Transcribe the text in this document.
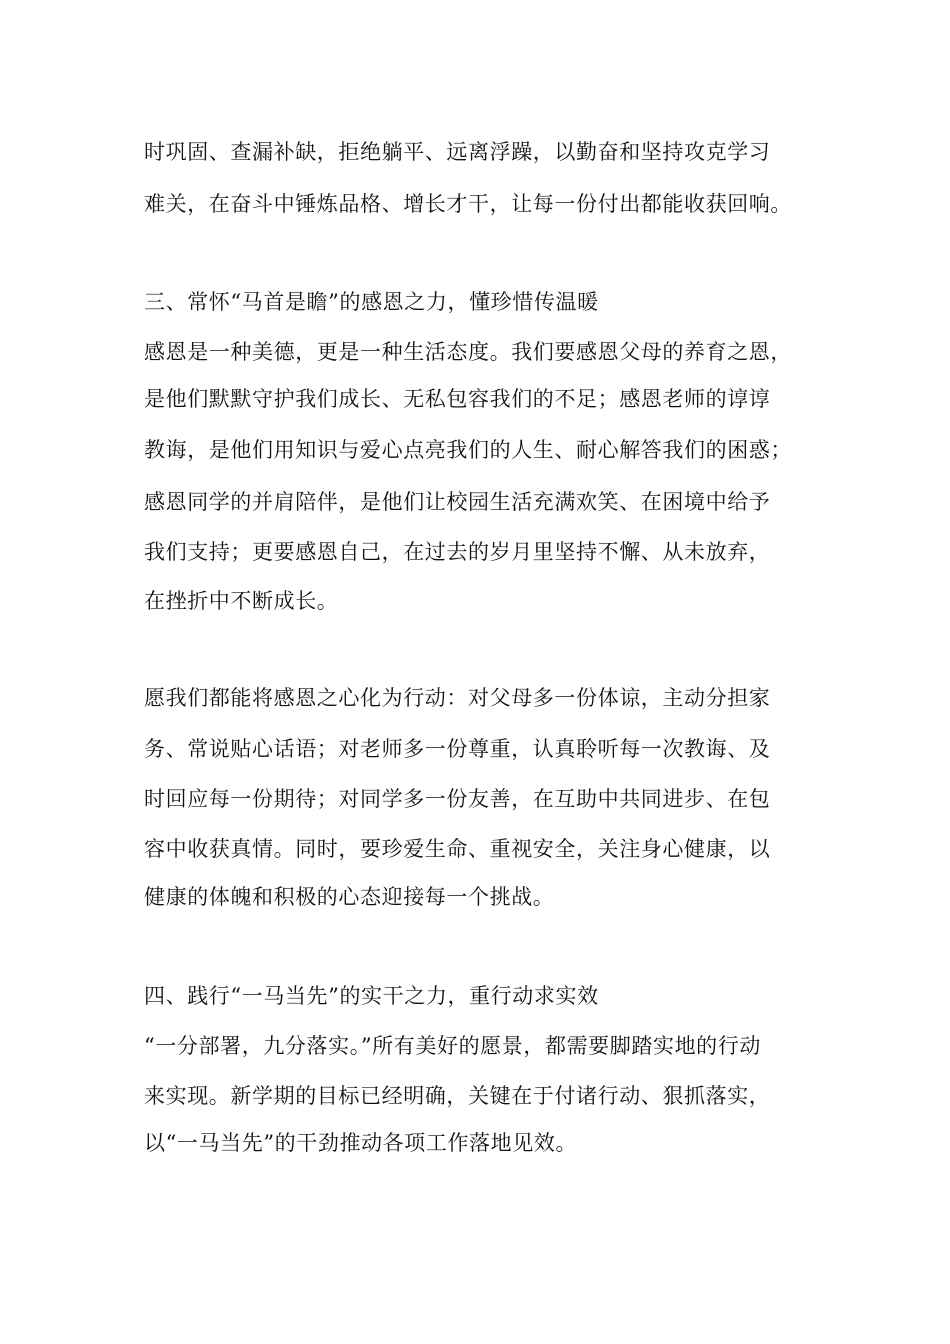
时巩固、查漏补缺，拒绝躺平、远离浮躁，以勤奋和坚持攻克学习
难关，在奋斗中锤炼品格、增长才干，让每一份付出都能收获回响。
三、常怀“马首是瞻”的感恩之力，懂珍惜传温暖
感恩是一种美德，更是一种生活态度。我们要感恩父母的养育之恩，
是他们默默守护我们成长、无私包容我们的不足；感恩老师的谆谆
教诲，是他们用知识与爱心点亮我们的人生、耐心解答我们的困惑；
感恩同学的并肩陪伴，是他们让校园生活充满欢笑、在困境中给予
我们支持；更要感恩自己，在过去的岁月里坚持不懈、从未放弃，
在挫折中不断成长。
愿我们都能将感恩之心化为行动：对父母多一份体谅，主动分担家
务、常说贴心话语；对老师多一份尊重，认真聆听每一次教诲、及
时回应每一份期待；对同学多一份友善，在互助中共同进步、在包
容中收获真情。同时，要珍爱生命、重视安全，关注身心健康，以
健康的体魄和积极的心态迎接每一个挑战。
四、践行“一马当先”的实干之力，重行动求实效
“一分部署，九分落实。”所有美好的愿景，都需要脚踏实地的行动
来实现。新学期的目标已经明确，关键在于付诸行动、狠抓落实，
以“一马当先”的干劲推动各项工作落地见效。
